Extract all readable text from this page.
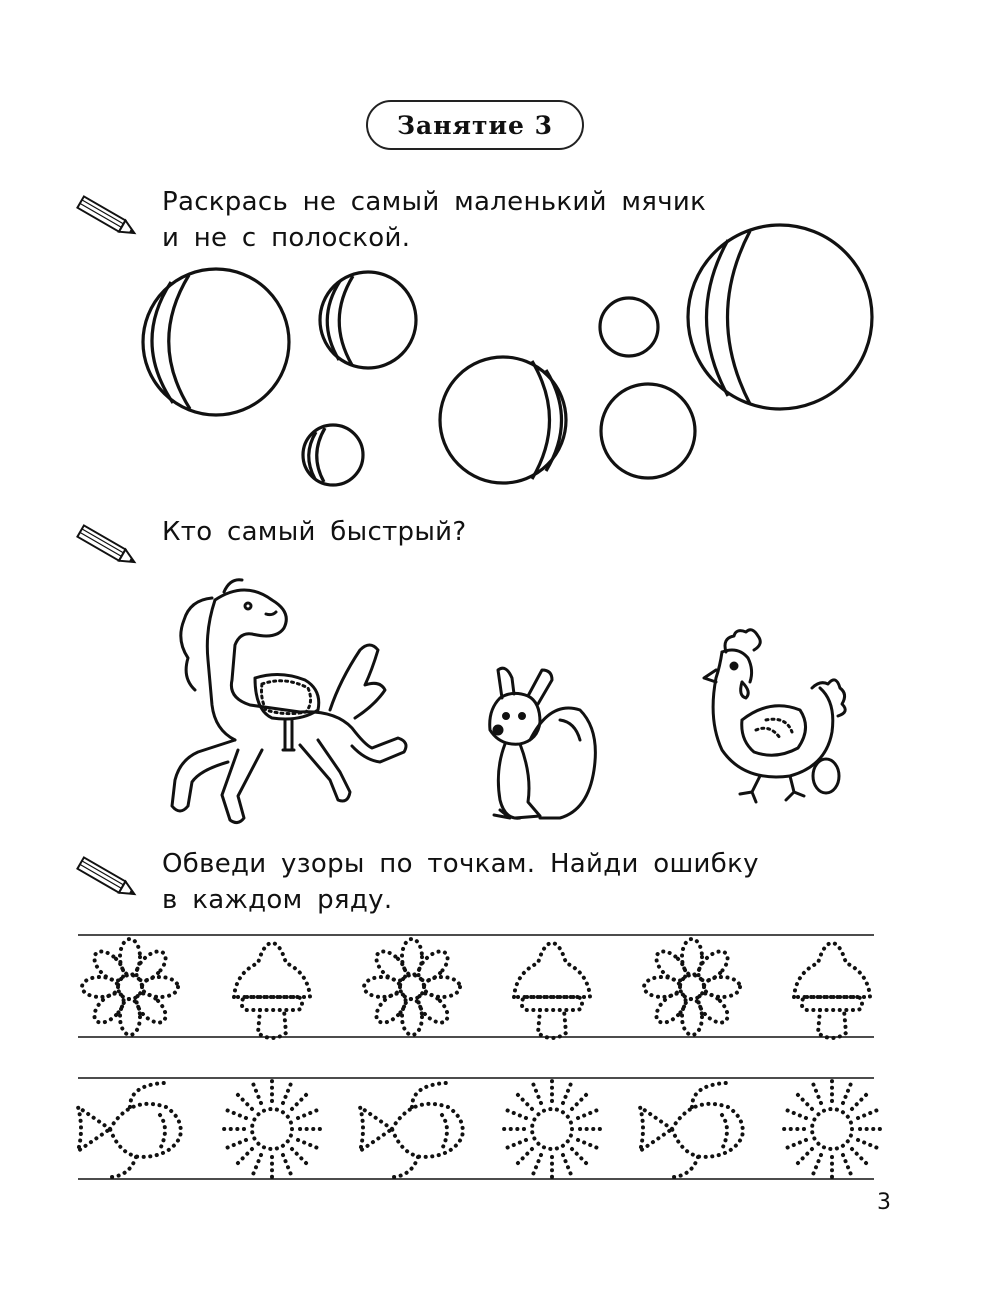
Занятие 3
Раскрась не самый маленький мячик
и не с полоской.
Кто самый быстрый?
Обведи узоры по точкам. Найди ошибку
в каждом ряду.
3
